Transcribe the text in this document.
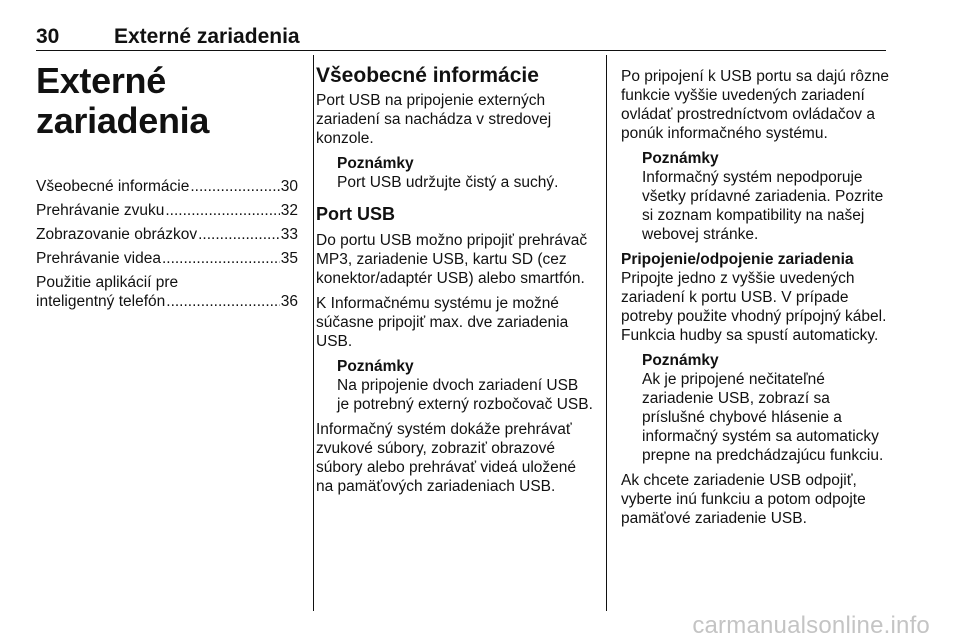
30	Externé zariadenia
Externé zariadenia
Všeobecné informácie .....	30
Prehrávanie zvuku .....	32
Zobrazovanie obrázkov .....	33
Prehrávanie videa .....	35
Použitie aplikácií pre
inteligentný telefón .....	36
Všeobecné informácie

Port USB na pripojenie externých zariadení sa nachádza v stredovej konzole.

Poznámky
Port USB udržujte čistý a suchý.
Port USB

Do portu USB možno pripojiť prehrávač MP3, zariadenie USB, kartu SD (cez konektor/adaptér USB) alebo smartfón.

K Informačnému systému je možné súčasne pripojiť max. dve zariadenia USB.

Poznámky
Na pripojenie dvoch zariadení USB je potrebný externý rozbočovač USB.

Informačný systém dokáže prehrávať zvukové súbory, zobraziť obrazové súbory alebo prehrávať videá uložené na pamäťových zariadeniach USB.

Po pripojení k USB portu sa dajú rôzne funkcie vyššie uvedených zariadení ovládať prostredníctvom ovládačov a ponúk informačného systému.

Poznámky
Informačný systém nepodporuje všetky prídavné zariadenia. Pozrite si zoznam kompatibility na našej webovej stránke.
Pripojenie/odpojenie zariadenia

Pripojte jedno z vyššie uvedených zariadení k portu USB. V prípade potreby použite vhodný prípojný kábel. Funkcia hudby sa spustí automaticky.

Poznámky
Ak je pripojené nečitateľné zariadenie USB, zobrazí sa príslušné chybové hlásenie a informačný systém sa automaticky prepne na predchádzajúcu funkciu.

Ak chcete zariadenie USB odpojiť, vyberte inú funkciu a potom odpojte pamäťové zariadenie USB.

carmanualsonline.info
